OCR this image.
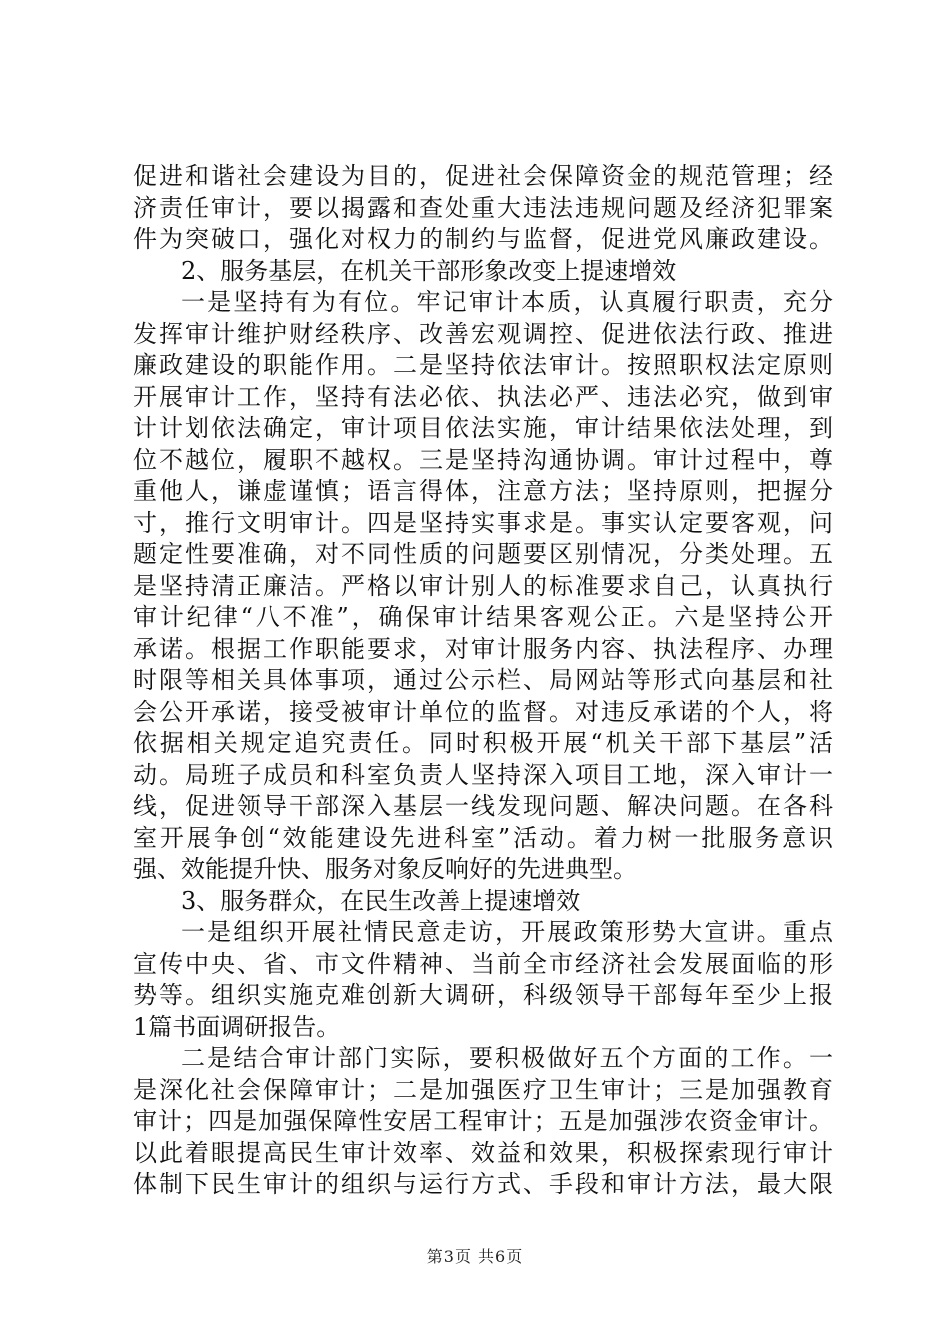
促进和谐社会建设为目的，促进社会保障资金的规范管理；经
济责任审计，要以揭露和查处重大违法违规问题及经济犯罪案
件为突破口，强化对权力的制约与监督，促进党风廉政建设。
2、服务基层，在机关干部形象改变上提速增效
一是坚持有为有位。牢记审计本质，认真履行职责，充分
发挥审计维护财经秩序、改善宏观调控、促进依法行政、推进
廉政建设的职能作用。二是坚持依法审计。按照职权法定原则
开展审计工作，坚持有法必依、执法必严、违法必究，做到审
计计划依法确定，审计项目依法实施，审计结果依法处理，到
位不越位，履职不越权。三是坚持沟通协调。审计过程中，尊
重他人，谦虚谨慎；语言得体，注意方法；坚持原则，把握分
寸，推行文明审计。四是坚持实事求是。事实认定要客观，问
题定性要准确，对不同性质的问题要区别情况，分类处理。五
是坚持清正廉洁。严格以审计别人的标准要求自己，认真执行
审计纪律“八不准”，确保审计结果客观公正。六是坚持公开
承诺。根据工作职能要求，对审计服务内容、执法程序、办理
时限等相关具体事项，通过公示栏、局网站等形式向基层和社
会公开承诺，接受被审计单位的监督。对违反承诺的个人，将
依据相关规定追究责任。同时积极开展“机关干部下基层”活
动。局班子成员和科室负责人坚持深入项目工地，深入审计一
线，促进领导干部深入基层一线发现问题、解决问题。在各科
室开展争创“效能建设先进科室”活动。着力树一批服务意识
强、效能提升快、服务对象反响好的先进典型。
3、服务群众，在民生改善上提速增效
一是组织开展社情民意走访，开展政策形势大宣讲。重点
宣传中央、省、市文件精神、当前全市经济社会发展面临的形
势等。组织实施克难创新大调研，科级领导干部每年至少上报
1篇书面调研报告。
二是结合审计部门实际，要积极做好五个方面的工作。一
是深化社会保障审计；二是加强医疗卫生审计；三是加强教育
审计；四是加强保障性安居工程审计；五是加强涉农资金审计。
以此着眼提高民生审计效率、效益和效果，积极探索现行审计
体制下民生审计的组织与运行方式、手段和审计方法，最大限
第3页 共6页
